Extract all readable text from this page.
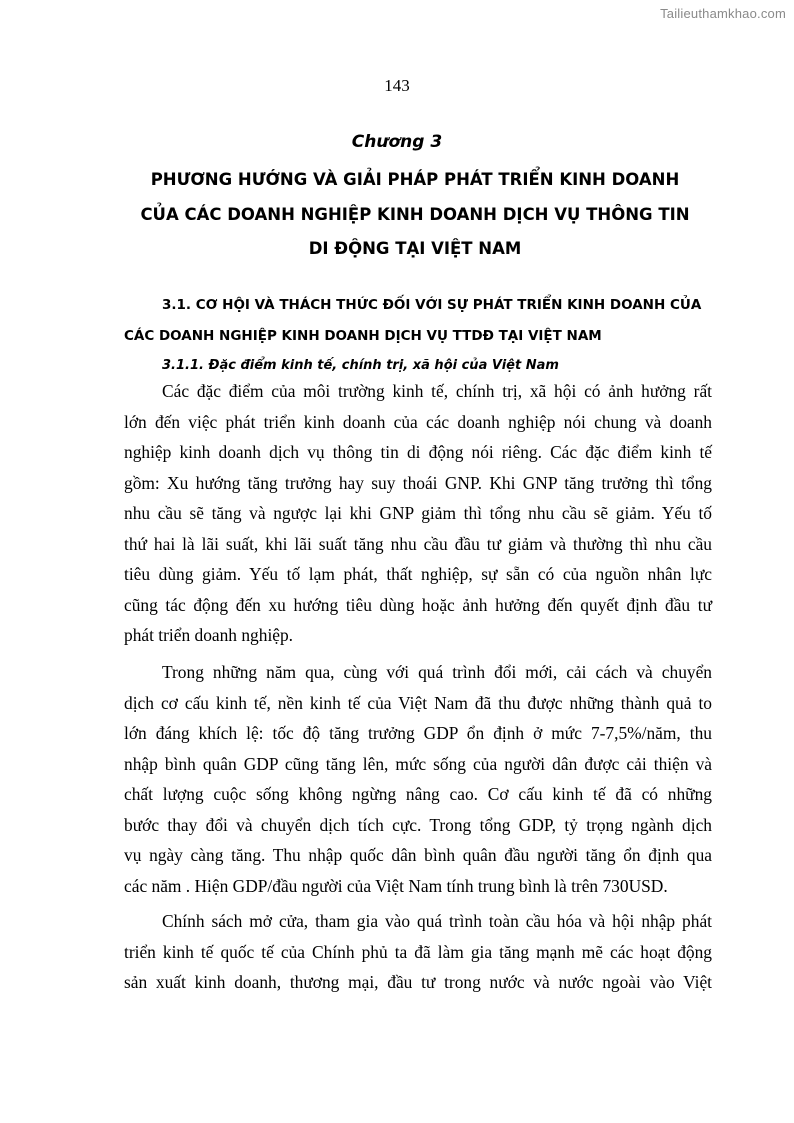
Tailieuthamkhao.com
143
Chương 3
PHƯƠNG HƯỚNG VÀ GIẢI PHÁP PHÁT TRIỂN KINH DOANH
CỦA CÁC DOANH NGHIỆP KINH DOANH DỊCH VỤ THÔNG TIN
DI ĐỘNG TẠI VIỆT NAM
3.1. CƠ HỘI VÀ THÁCH THỨC ĐỐI VỚI SỰ PHÁT TRIỂN KINH DOANH CỦA
CÁC DOANH NGHIỆP KINH DOANH DỊCH VỤ TTDĐ TẠI VIỆT NAM
3.1.1. Đặc điểm kinh tế, chính trị, xã hội của Việt Nam

Các đặc điểm của môi trường kinh tế, chính trị, xã hội có ảnh hưởng rất
lớn đến việc phát triển kinh doanh của các doanh nghiệp nói chung và doanh
nghiệp kinh doanh dịch vụ thông tin di động nói riêng. Các đặc điểm kinh tế
gồm: Xu hướng tăng trưởng hay suy thoái GNP. Khi GNP tăng trưởng thì tổng
nhu cầu sẽ tăng và ngược lại khi GNP giảm thì tổng nhu cầu sẽ giảm. Yếu tố
thứ hai là lãi suất, khi lãi suất tăng nhu cầu đầu tư giảm và thường thì nhu cầu
tiêu dùng giảm. Yếu tố lạm phát, thất nghiệp, sự sẵn có của nguồn nhân lực
cũng tác động đến xu hướng tiêu dùng hoặc ảnh hưởng đến quyết định đầu tư
phát triển doanh nghiệp.

Trong những năm qua, cùng với quá trình đổi mới, cải cách và chuyển
dịch cơ cấu kinh tế, nền kinh tế của Việt Nam đã thu được những thành quả to
lớn đáng khích lệ: tốc độ tăng trưởng GDP ổn định ở mức 7-7,5%/năm, thu
nhập bình quân GDP cũng tăng lên, mức sống của người dân được cải thiện và
chất lượng cuộc sống không ngừng nâng cao. Cơ cấu kinh tế đã có những
bước thay đổi và chuyển dịch tích cực. Trong tổng GDP, tỷ trọng ngành dịch
vụ ngày càng tăng. Thu nhập quốc dân bình quân đầu người tăng ổn định qua
các năm . Hiện GDP/đầu người của Việt Nam tính trung bình là trên 730USD.

Chính sách mở cửa, tham gia vào quá trình toàn cầu hóa và hội nhập phát
triển kinh tế quốc tế của Chính phủ ta đã làm gia tăng mạnh mẽ các hoạt động
sản xuất kinh doanh, thương mại, đầu tư trong nước và nước ngoài vào Việt
